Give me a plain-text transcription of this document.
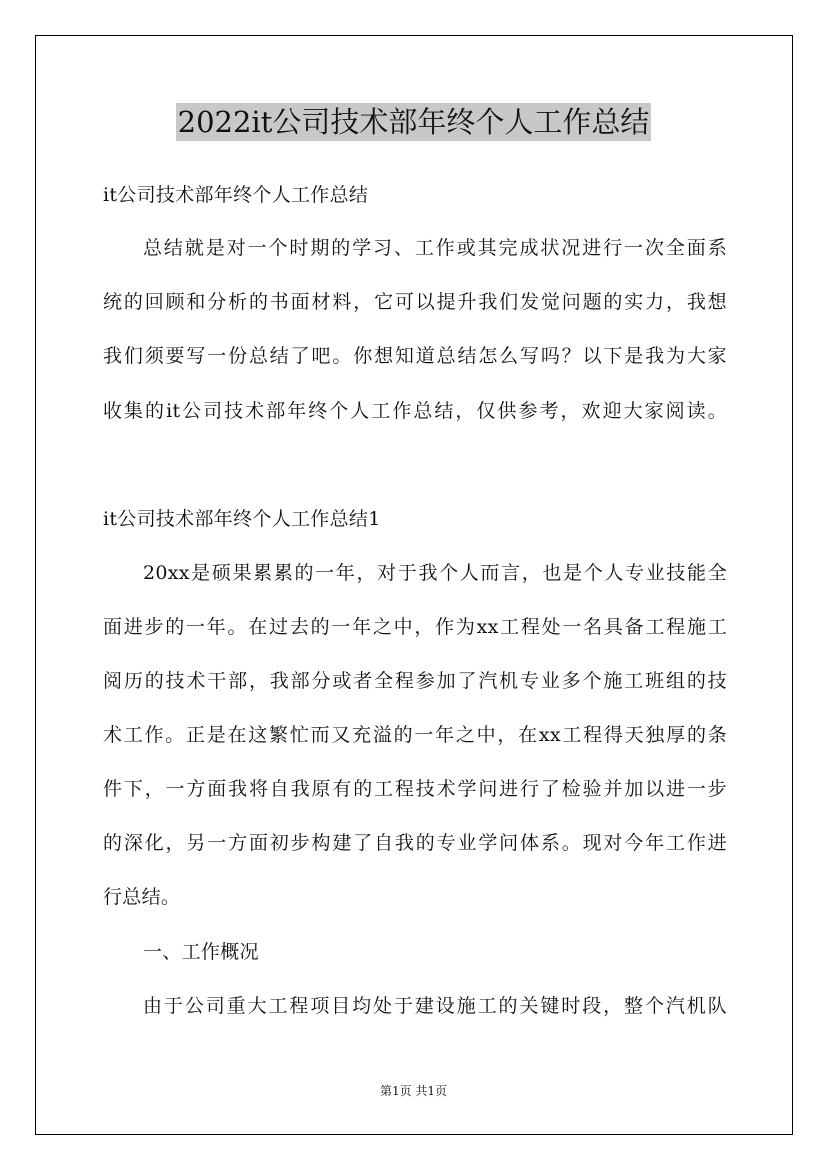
2022it公司技术部年终个人工作总结
it公司技术部年终个人工作总结
总结就是对一个时期的学习、工作或其完成状况进行一次全面系
统的回顾和分析的书面材料，它可以提升我们发觉问题的实力，我想
我们须要写一份总结了吧。你想知道总结怎么写吗？以下是我为大家
收集的it公司技术部年终个人工作总结，仅供参考，欢迎大家阅读。
it公司技术部年终个人工作总结1
20xx是硕果累累的一年，对于我个人而言，也是个人专业技能全
面进步的一年。在过去的一年之中，作为xx工程处一名具备工程施工
阅历的技术干部，我部分或者全程参加了汽机专业多个施工班组的技
术工作。正是在这繁忙而又充溢的一年之中，在xx工程得天独厚的条
件下，一方面我将自我原有的工程技术学问进行了检验并加以进一步
的深化，另一方面初步构建了自我的专业学问体系。现对今年工作进
行总结。
一、工作概况
由于公司重大工程项目均处于建设施工的关键时段，整个汽机队
第1页 共1页
